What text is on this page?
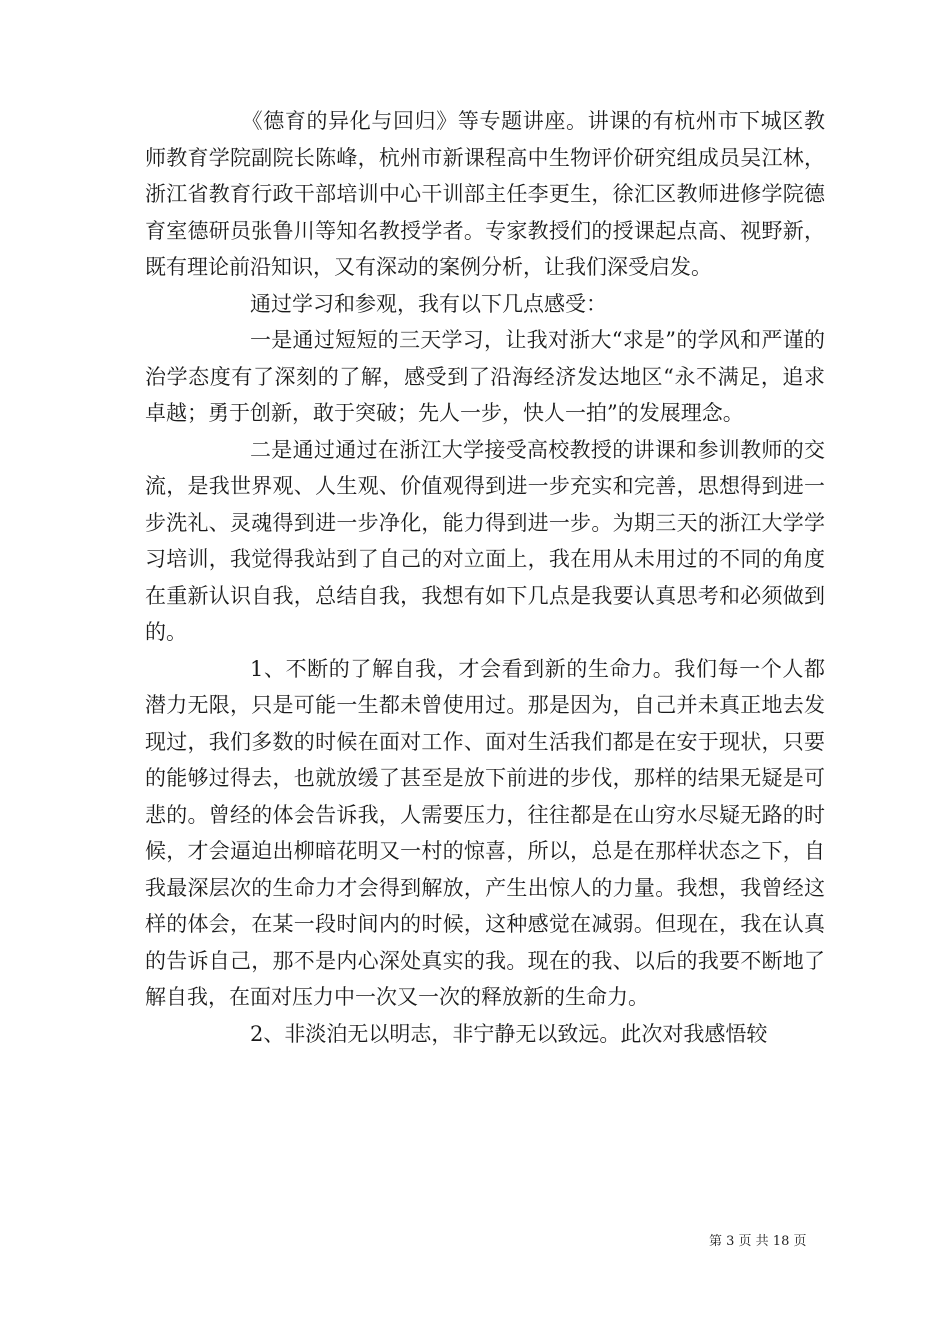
《德育的异化与回归》等专题讲座。讲课的有杭州市下城区教师教育学院副院长陈峰，杭州市新课程高中生物评价研究组成员吴江林，浙江省教育行政干部培训中心干训部主任李更生，徐汇区教师进修学院德育室德研员张鲁川等知名教授学者。专家教授们的授课起点高、视野新，既有理论前沿知识，又有深动的案例分析，让我们深受启发。

通过学习和参观，我有以下几点感受：

一是通过短短的三天学习，让我对浙大“求是”的学风和严谨的治学态度有了深刻的了解，感受到了沿海经济发达地区“永不满足，追求卓越；勇于创新，敢于突破；先人一步，快人一拍”的发展理念。

二是通过通过在浙江大学接受高校教授的讲课和参训教师的交流，是我世界观、人生观、价值观得到进一步充实和完善，思想得到进一步洗礼、灵魂得到进一步净化，能力得到进一步。为期三天的浙江大学学习培训，我觉得我站到了自己的对立面上，我在用从未用过的不同的角度在重新认识自我，总结自我，我想有如下几点是我要认真思考和必须做到的。

1、不断的了解自我，才会看到新的生命力。我们每一个人都潜力无限，只是可能一生都未曾使用过。那是因为，自己并未真正地去发现过，我们多数的时候在面对工作、面对生活我们都是在安于现状，只要的能够过得去，也就放缓了甚至是放下前进的步伐，那样的结果无疑是可悲的。曾经的体会告诉我，人需要压力，往往都是在山穷水尽疑无路的时候，才会逼迫出柳暗花明又一村的惊喜，所以，总是在那样状态之下，自我最深层次的生命力才会得到解放，产生出惊人的力量。我想，我曾经这样的体会，在某一段时间内的时候，这种感觉在减弱。但现在，我在认真的告诉自己，那不是内心深处真实的我。现在的我、以后的我要不断地了解自我，在面对压力中一次又一次的释放新的生命力。

2、非淡泊无以明志，非宁静无以致远。此次对我感悟较

第 3 页 共 18 页
